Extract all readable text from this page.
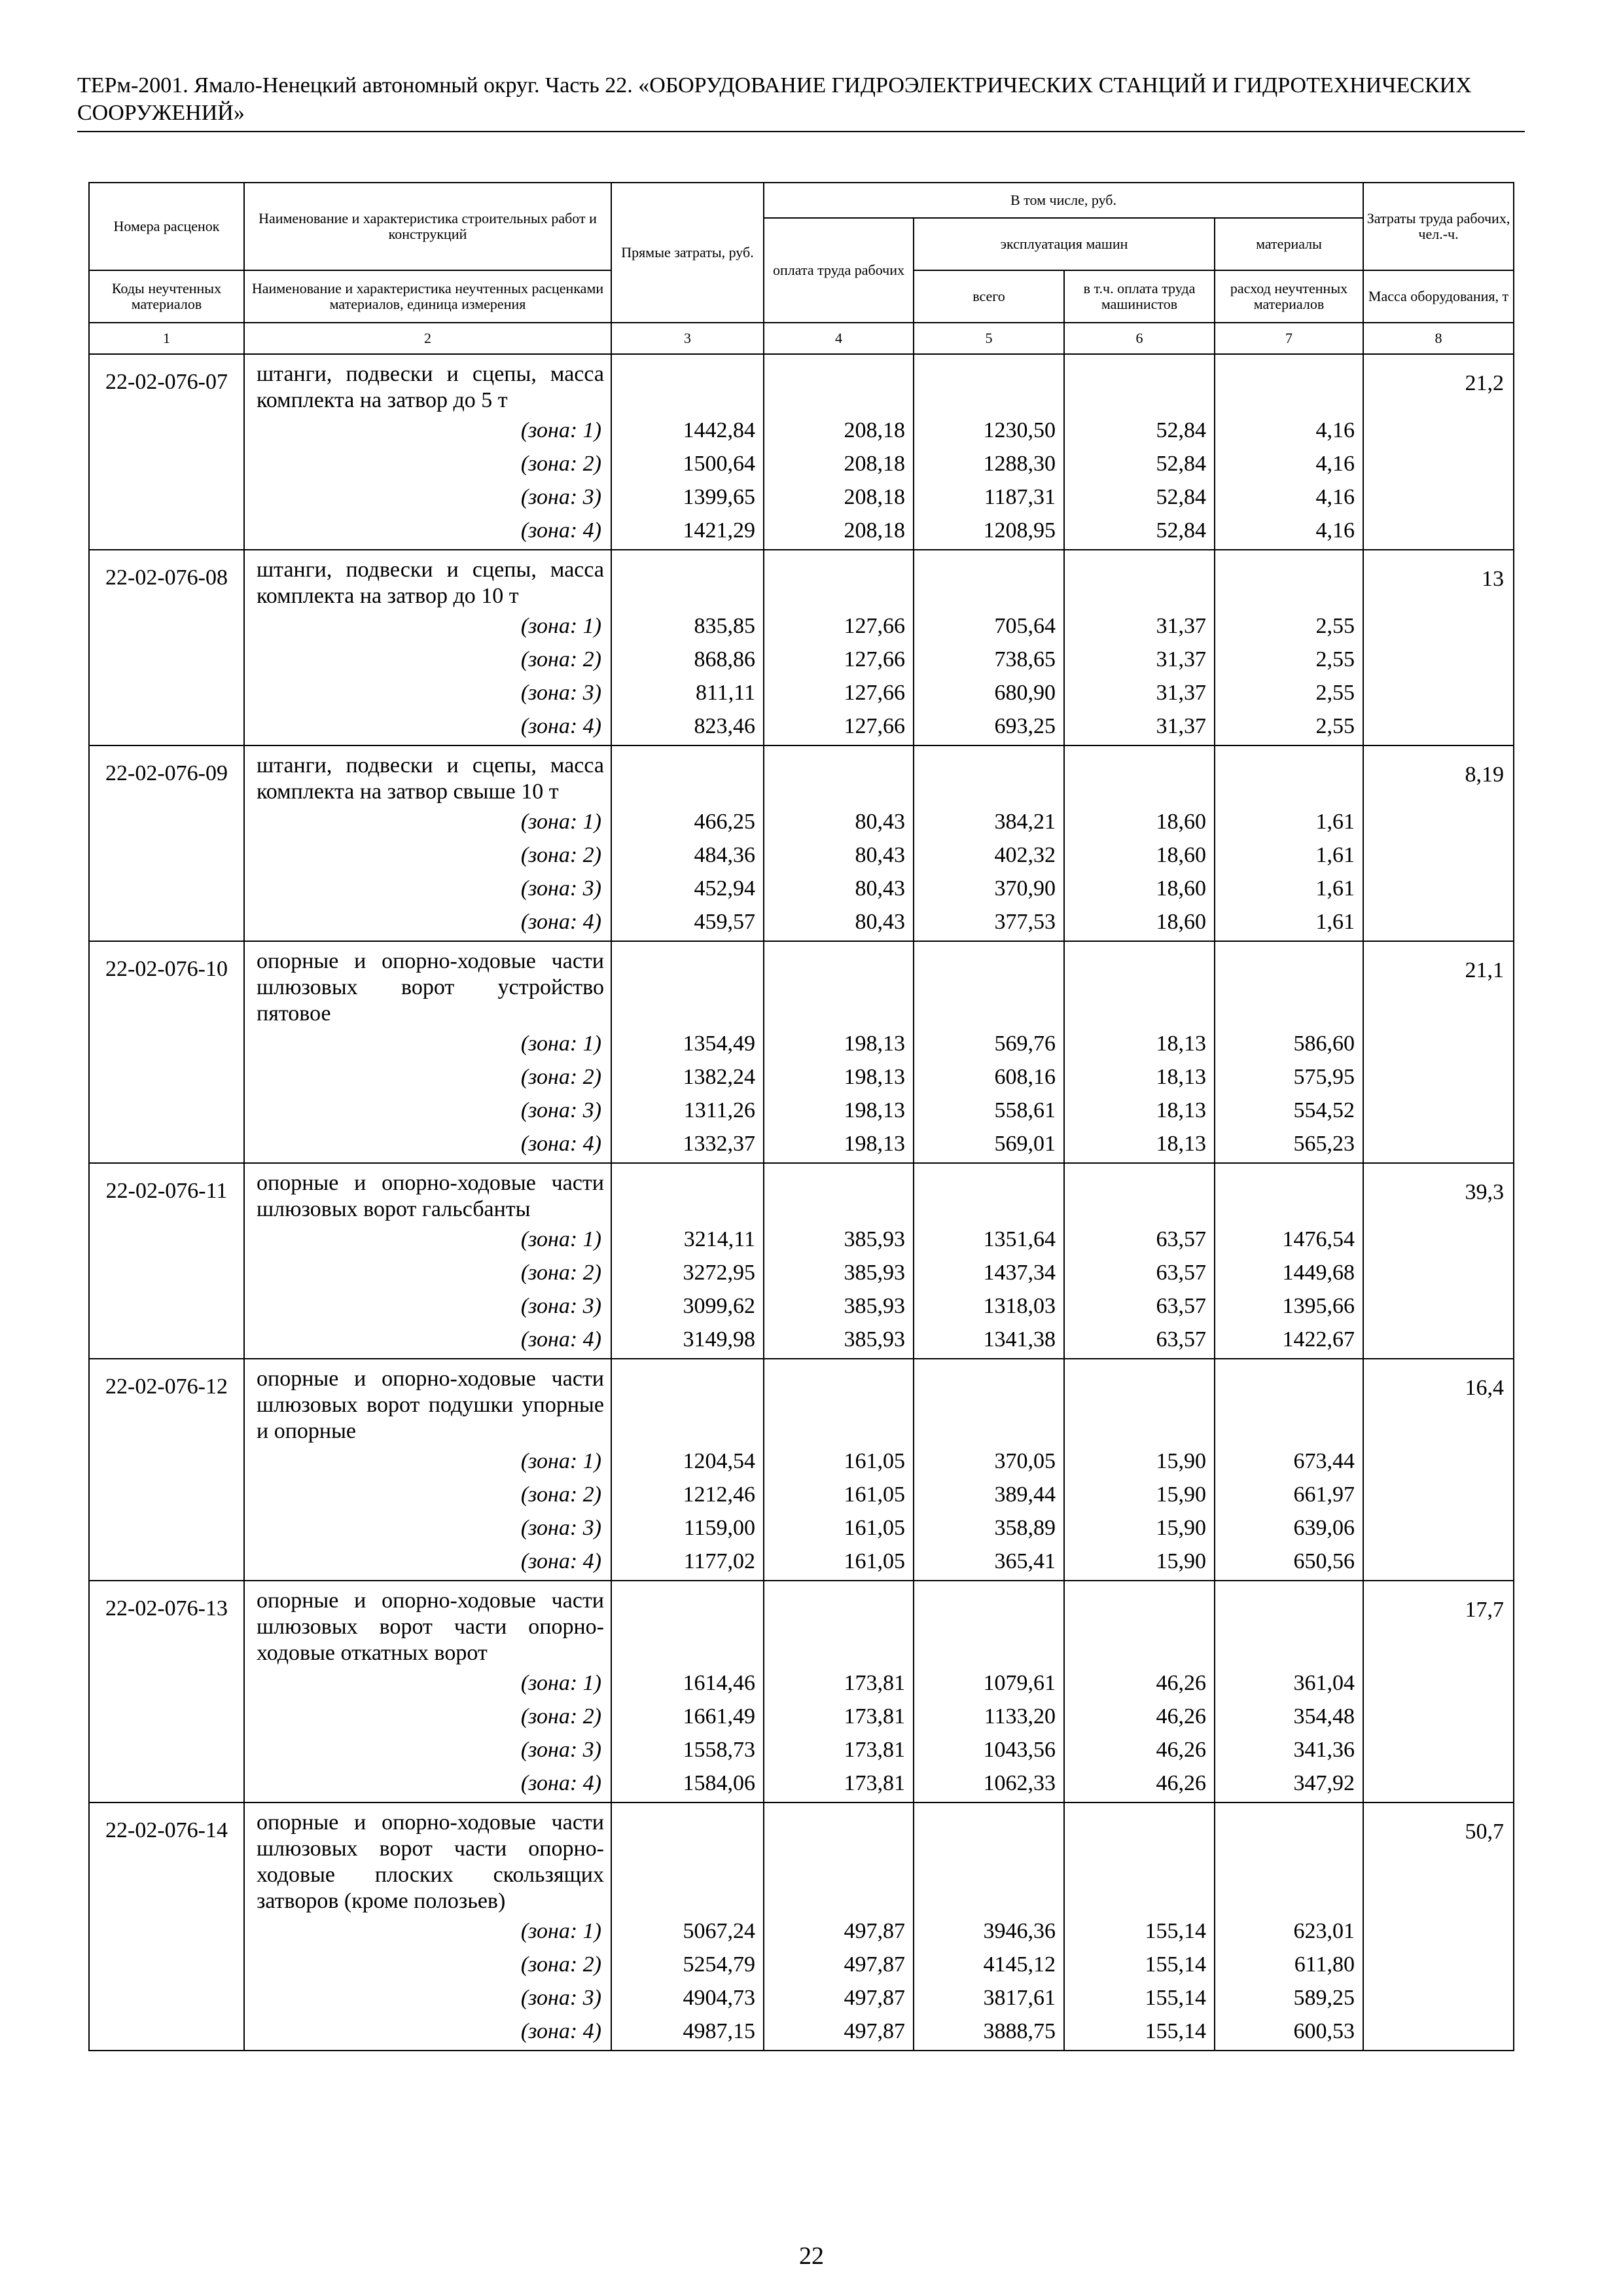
ТЕРм-2001. Ямало-Ненецкий автономный округ. Часть 22. «ОБОРУДОВАНИЕ ГИДРОЭЛЕКТРИЧЕСКИХ СТАНЦИЙ И ГИДРОТЕХНИЧЕСКИХ СООРУЖЕНИЙ»
Номера расценок	Наименование и характеристика строительных работ и конструкций	Прямые затраты, руб.	В том числе, руб.				Затраты труда рабочих, чел.-ч.
			оплата труда рабочих	эксплуатация машин		материалы	
Коды неучтенных материалов	Наименование и характеристика неучтенных расценками материалов, единица измерения			всего	в т.ч. оплата труда машинистов	расход неучтенных материалов	Масса оборудования, т
1	2	3	4	5	6	7	8
22-02-076-07	штанги, подвески и сцепы, масса комплекта на затвор до 5 т						21,2
	(зона: 1)	1442,84	208,18	1230,50	52,84	4,16	
	(зона: 2)	1500,64	208,18	1288,30	52,84	4,16	
	(зона: 3)	1399,65	208,18	1187,31	52,84	4,16	
	(зона: 4)	1421,29	208,18	1208,95	52,84	4,16	
22-02-076-08	штанги, подвески и сцепы, масса комплекта на затвор до 10 т						13
	(зона: 1)	835,85	127,66	705,64	31,37	2,55	
	(зона: 2)	868,86	127,66	738,65	31,37	2,55	
	(зона: 3)	811,11	127,66	680,90	31,37	2,55	
	(зона: 4)	823,46	127,66	693,25	31,37	2,55	
22-02-076-09	штанги, подвески и сцепы, масса комплекта на затвор свыше 10 т						8,19
	(зона: 1)	466,25	80,43	384,21	18,60	1,61	
	(зона: 2)	484,36	80,43	402,32	18,60	1,61	
	(зона: 3)	452,94	80,43	370,90	18,60	1,61	
	(зона: 4)	459,57	80,43	377,53	18,60	1,61	
22-02-076-10	опорные и опорно-ходовые части шлюзовых ворот устройство пятовое						21,1
	(зона: 1)	1354,49	198,13	569,76	18,13	586,60	
	(зона: 2)	1382,24	198,13	608,16	18,13	575,95	
	(зона: 3)	1311,26	198,13	558,61	18,13	554,52	
	(зона: 4)	1332,37	198,13	569,01	18,13	565,23	
22-02-076-11	опорные и опорно-ходовые части шлюзовых ворот гальсбанты						39,3
	(зона: 1)	3214,11	385,93	1351,64	63,57	1476,54	
	(зона: 2)	3272,95	385,93	1437,34	63,57	1449,68	
	(зона: 3)	3099,62	385,93	1318,03	63,57	1395,66	
	(зона: 4)	3149,98	385,93	1341,38	63,57	1422,67	
22-02-076-12	опорные и опорно-ходовые части шлюзовых ворот подушки упорные и опорные						16,4
	(зона: 1)	1204,54	161,05	370,05	15,90	673,44	
	(зона: 2)	1212,46	161,05	389,44	15,90	661,97	
	(зона: 3)	1159,00	161,05	358,89	15,90	639,06	
	(зона: 4)	1177,02	161,05	365,41	15,90	650,56	
22-02-076-13	опорные и опорно-ходовые части шлюзовых ворот части опорно-ходовые откатных ворот						17,7
	(зона: 1)	1614,46	173,81	1079,61	46,26	361,04	
	(зона: 2)	1661,49	173,81	1133,20	46,26	354,48	
	(зона: 3)	1558,73	173,81	1043,56	46,26	341,36	
	(зона: 4)	1584,06	173,81	1062,33	46,26	347,92	
22-02-076-14	опорные и опорно-ходовые части шлюзовых ворот части опорно-ходовые плоских скользящих затворов (кроме полозьев)						50,7
	(зона: 1)	5067,24	497,87	3946,36	155,14	623,01	
	(зона: 2)	5254,79	497,87	4145,12	155,14	611,80	
	(зона: 3)	4904,73	497,87	3817,61	155,14	589,25	
	(зона: 4)	4987,15	497,87	3888,75	155,14	600,53	
22
